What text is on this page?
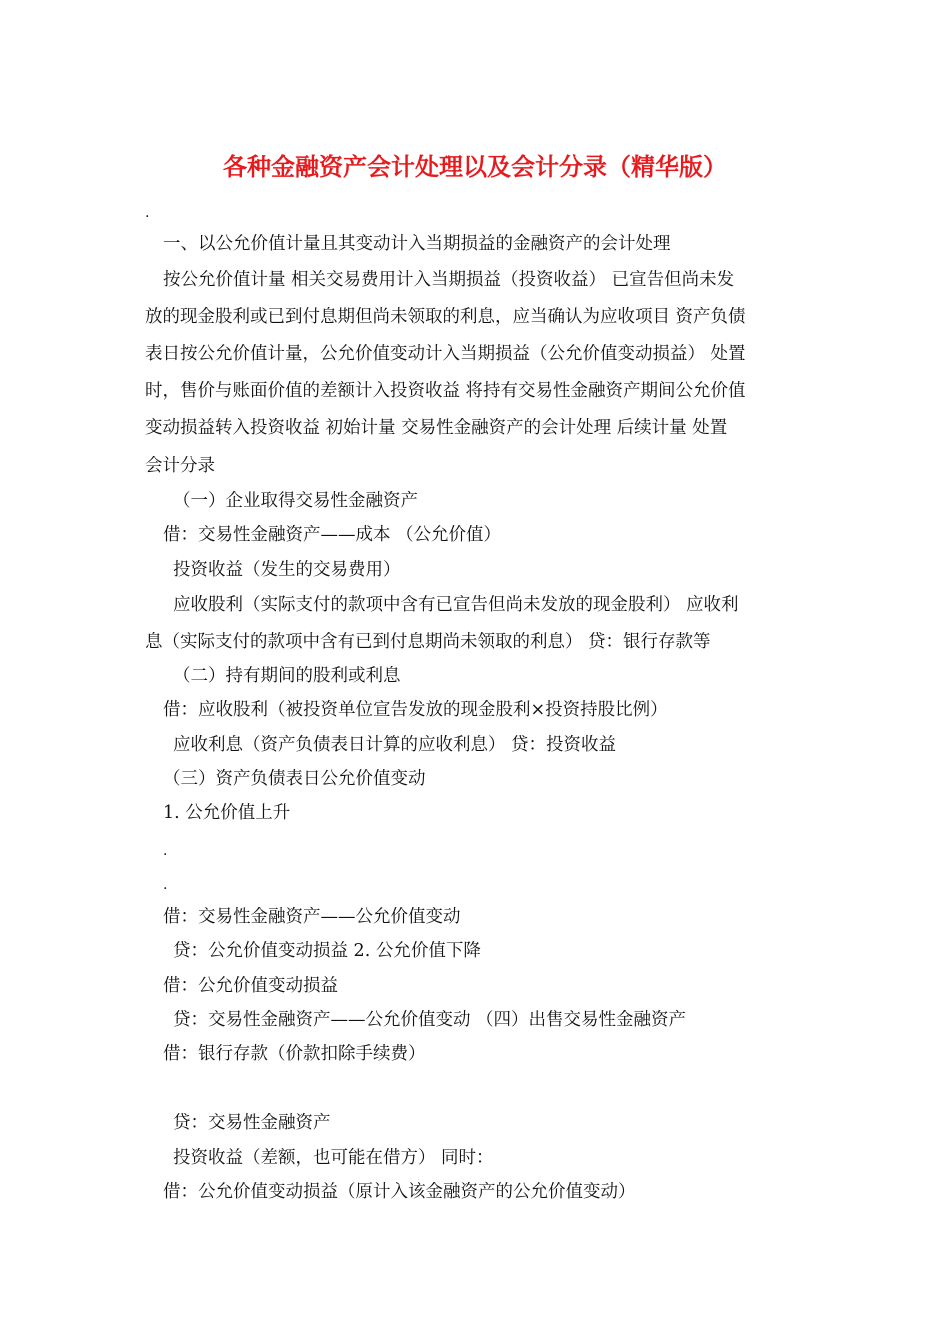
各种金融资产会计处理以及会计分录（精华版）
.
一、以公允价值计量且其变动计入当期损益的金融资产的会计处理
按公允价值计量 相关交易费用计入当期损益（投资收益） 已宣告但尚未发
放的现金股利或已到付息期但尚未领取的利息，应当确认为应收项目 资产负债
表日按公允价值计量，公允价值变动计入当期损益（公允价值变动损益） 处置
时，售价与账面价值的差额计入投资收益 将持有交易性金融资产期间公允价值
变动损益转入投资收益 初始计量 交易性金融资产的会计处理 后续计量 处置
会计分录
（一）企业取得交易性金融资产
借：交易性金融资产——成本 （公允价值）
投资收益（发生的交易费用）
应收股利（实际支付的款项中含有已宣告但尚未发放的现金股利） 应收利
息（实际支付的款项中含有已到付息期尚未领取的利息） 贷：银行存款等
（二）持有期间的股利或利息
借：应收股利（被投资单位宣告发放的现金股利×投资持股比例）
应收利息（资产负债表日计算的应收利息） 贷：投资收益
（三）资产负债表日公允价值变动
1. 公允价值上升
.
.
借：交易性金融资产——公允价值变动
贷：公允价值变动损益 2. 公允价值下降
借：公允价值变动损益
贷：交易性金融资产——公允价值变动 （四）出售交易性金融资产
借：银行存款（价款扣除手续费）
贷：交易性金融资产
投资收益（差额，也可能在借方） 同时：
借：公允价值变动损益（原计入该金融资产的公允价值变动）
